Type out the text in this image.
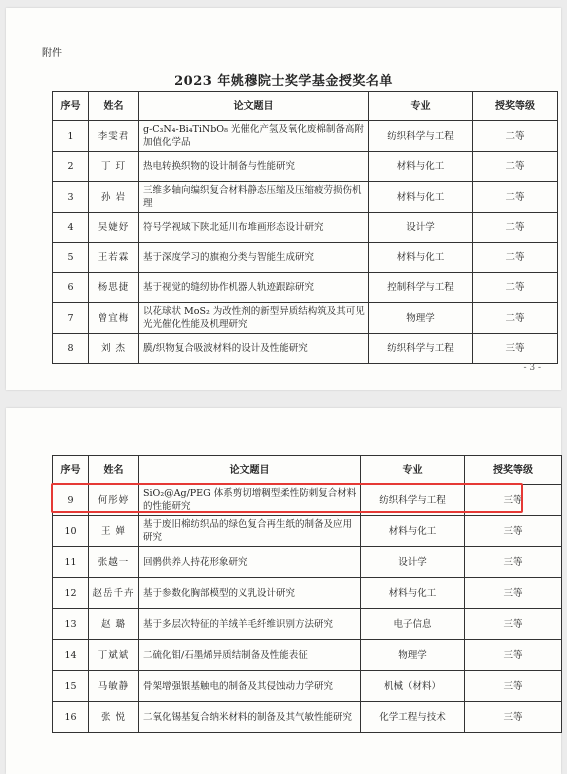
附件
2023 年姚穆院士奖学基金授奖名单
序号	姓名	论文题目	专业	授奖等级
1	李雯君	g-C₃N₄-Bi₄TiNbO₈ 光催化产氢及氧化废棉制备高附加值化学品	纺织科学与工程	二等
2	丁 玎	热电转换织物的设计制备与性能研究	材料与化工	二等
3	孙 岩	三维多轴向编织复合材料静态压缩及压缩疲劳损伤机理	材料与化工	二等
4	吴婕妤	符号学视域下陕北延川布堆画形态设计研究	设计学	二等
5	王若霖	基于深度学习的旗袍分类与智能生成研究	材料与化工	二等
6	杨思捷	基于视觉的缝纫协作机器人轨迹跟踪研究	控制科学与工程	二等
7	曾宜梅	以花球状 MoS₂ 为改性剂的新型异质结构筑及其可见光光催化性能及机理研究	物理学	二等
8	刘 杰	膜/织物复合吸波材料的设计及性能研究	纺织科学与工程	三等
- 3 -
序号	姓名	论文题目	专业	授奖等级
9	何彤婷	SiO₂@Ag/PEG 体系剪切增稠型柔性防刺复合材料的性能研究	纺织科学与工程	三等
10	王 婵	基于废旧棉纺织品的绿色复合再生纸的制备及应用研究	材料与化工	三等
11	张越一	回鹘供养人持花形象研究	设计学	三等
12	赵岳千卉	基于参数化胸部模型的义乳设计研究	材料与化工	三等
13	赵 璐	基于多层次特征的羊绒羊毛纤维识别方法研究	电子信息	三等
14	丁斌斌	二硫化钼/石墨烯异质结制备及性能表征	物理学	三等
15	马敏静	骨架增强银基触电的制备及其侵蚀动力学研究	机械（材料）	三等
16	张 悦	二氧化锡基复合纳米材料的制备及其气敏性能研究	化学工程与技术	三等
